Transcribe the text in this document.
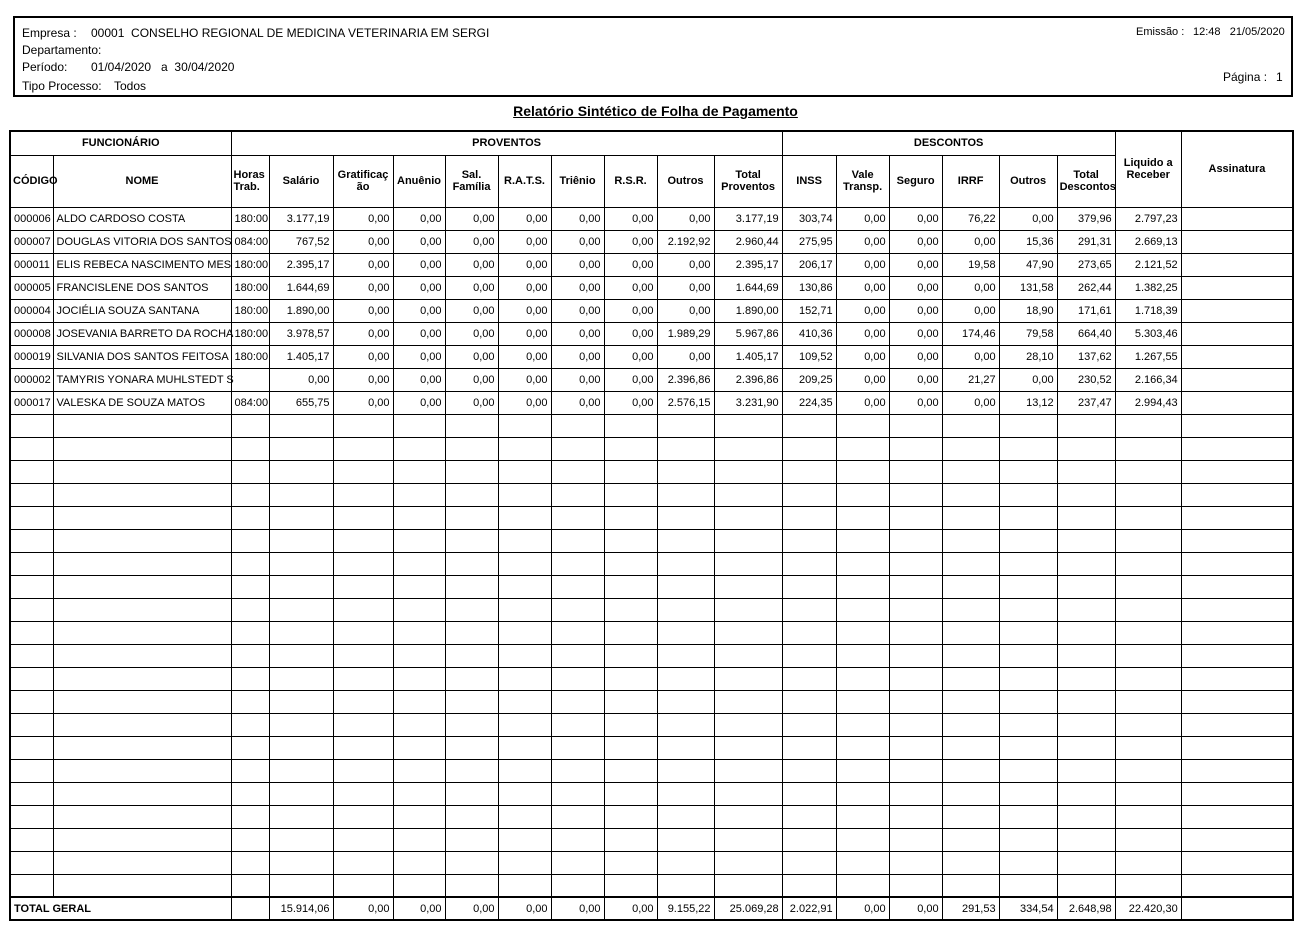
Empresa : 00001  CONSELHO REGIONAL DE MEDICINA VETERINARIA EM SERGI
Departamento:
Período: 01/04/2020   a  30/04/2020
Tipo Processo: Todos
Emissão : 12:48   21/05/2020
Página : 1
Relatório Sintético de Folha de Pagamento
FUNCIONÁRIO		PROVENTOS										DESCONTOS						Liquido a Receber	Assinatura
CÓDIGO	NOME	Horas Trab.	Salário	Gratificação	Anuênio	Sal. Família	R.A.T.S.	Triênio	R.S.R.	Outros	Total Proventos	INSS	Vale Transp.	Seguro	IRRF	Outros	Total Descontos		
000006	ALDO CARDOSO COSTA	180:00	3.177,19	0,00	0,00	0,00	0,00	0,00	0,00	0,00	3.177,19	303,74	0,00	0,00	76,22	0,00	379,96	2.797,23	
000007	DOUGLAS VITORIA DOS SANTOS	084:00	767,52	0,00	0,00	0,00	0,00	0,00	0,00	2.192,92	2.960,44	275,95	0,00	0,00	0,00	15,36	291,31	2.669,13	
000011	ELIS REBECA NASCIMENTO MES	180:00	2.395,17	0,00	0,00	0,00	0,00	0,00	0,00	0,00	2.395,17	206,17	0,00	0,00	19,58	47,90	273,65	2.121,52	
000005	FRANCISLENE DOS SANTOS	180:00	1.644,69	0,00	0,00	0,00	0,00	0,00	0,00	0,00	1.644,69	130,86	0,00	0,00	0,00	131,58	262,44	1.382,25	
000004	JOCIÉLIA SOUZA SANTANA	180:00	1.890,00	0,00	0,00	0,00	0,00	0,00	0,00	0,00	1.890,00	152,71	0,00	0,00	0,00	18,90	171,61	1.718,39	
000008	JOSEVANIA BARRETO DA ROCHA	180:00	3.978,57	0,00	0,00	0,00	0,00	0,00	0,00	1.989,29	5.967,86	410,36	0,00	0,00	174,46	79,58	664,40	5.303,46	
000019	SILVANIA DOS SANTOS FEITOSA	180:00	1.405,17	0,00	0,00	0,00	0,00	0,00	0,00	0,00	1.405,17	109,52	0,00	0,00	0,00	28,10	137,62	1.267,55	
000002	TAMYRIS YONARA MUHLSTEDT S		0,00	0,00	0,00	0,00	0,00	0,00	0,00	2.396,86	2.396,86	209,25	0,00	0,00	21,27	0,00	230,52	2.166,34	
000017	VALESKA DE SOUZA MATOS	084:00	655,75	0,00	0,00	0,00	0,00	0,00	0,00	2.576,15	3.231,90	224,35	0,00	0,00	0,00	13,12	237,47	2.994,43	

TOTAL GERAL			15.914,06	0,00	0,00	0,00	0,00	0,00	0,00	9.155,22	25.069,28	2.022,91	0,00	0,00	291,53	334,54	2.648,98	22.420,30	
